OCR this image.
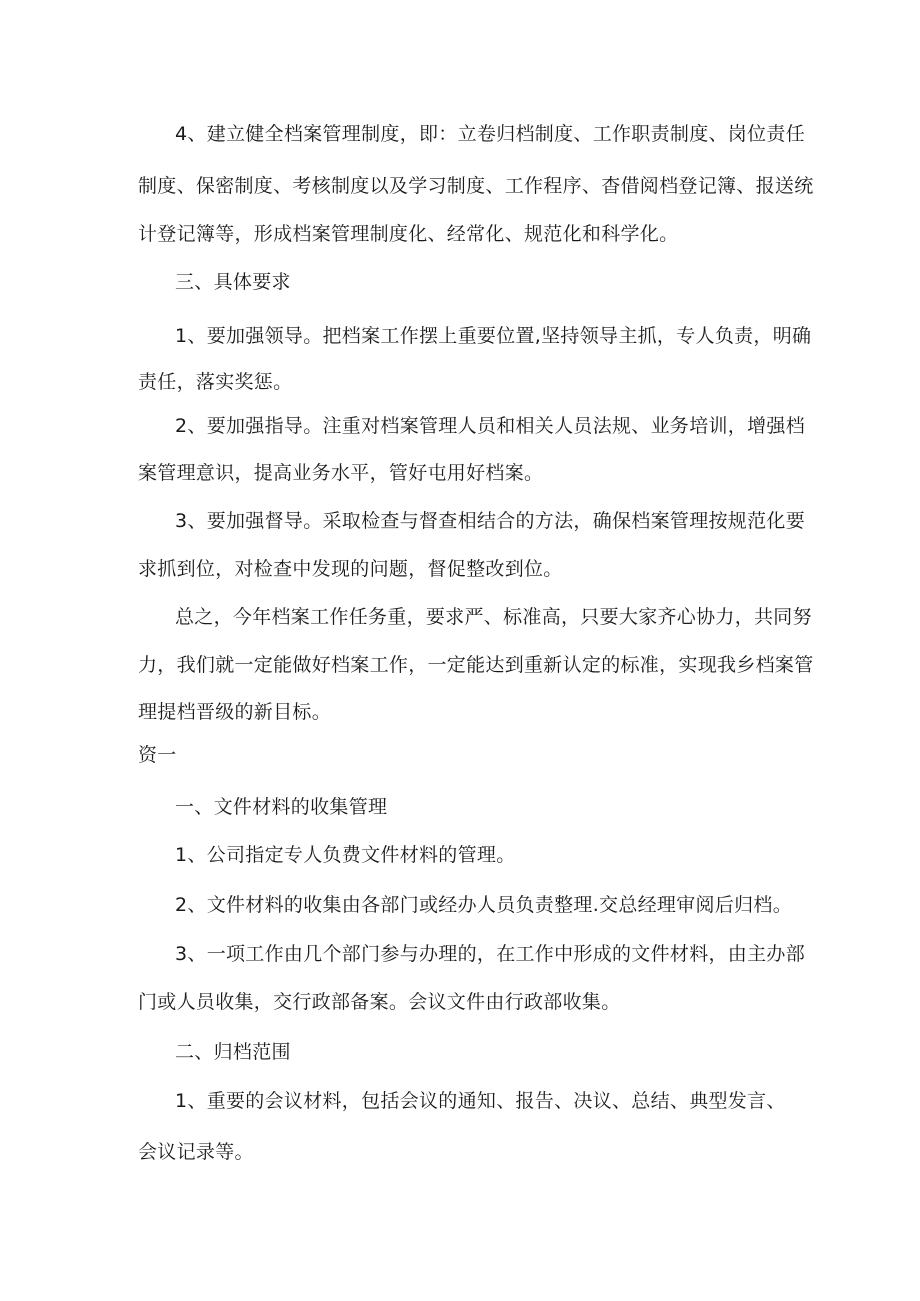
4、建立健全档案管理制度，即：立卷归档制度、工作职责制度、岗位责任
制度、保密制度、考核制度以及学习制度、工作程序、杳借阅档登记簿、报送统
计登记簿等，形成档案管理制度化、经常化、规范化和科学化。
三、具体要求
1、要加强领导。把档案工作摆上重要位置,坚持领导主抓，专人负责，明确
责任，落实奖惩。
2、要加强指导。注重对档案管理人员和相关人员法规、业务培训，增强档
案管理意识，提高业务水平，管好屯用好档案。
3、要加强督导。采取检查与督查相结合的方法，确保档案管理按规范化要
求抓到位，对检查中发现的问题，督促整改到位。
总之，今年档案工作任务重，要求严、标准高，只要大家齐心协力，共同努
力，我们就一定能做好档案工作，一定能达到重新认定的标准，实现我乡档案管
理提档晋级的新目标。
资一
一、文件材料的收集管理
1、公司指定专人负费文件材料的管理。
2、文件材料的收集由各部门或经办人员负责整理.交总经理审阅后归档。
3、一项工作由几个部门参与办理的，在工作中形成的文件材料，由主办部
门或人员收集，交行政部备案。会议文件由行政部收集。
二、归档范围
1、重要的会议材料，包括会议的通知、报告、决议、总结、典型发言、
会议记录等。
